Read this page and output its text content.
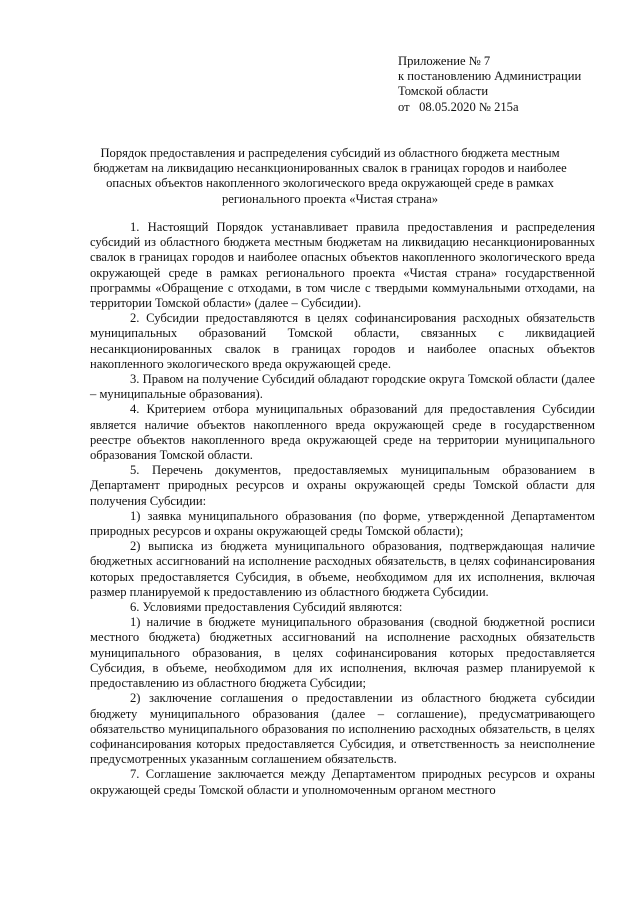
Приложение № 7
к постановлению Администрации
Томской области
от   08.05.2020 № 215а
Порядок предоставления и распределения субсидий из областного бюджета местным бюджетам на ликвидацию несанкционированных свалок в границах городов и наиболее опасных объектов накопленного экологического вреда окружающей среде в рамках регионального проекта «Чистая страна»

1. Настоящий Порядок устанавливает правила предоставления и распределения субсидий из областного бюджета местным бюджетам на ликвидацию несанкционированных свалок в границах городов и наиболее опасных объектов накопленного экологического вреда окружающей среде в рамках регионального проекта «Чистая страна» государственной программы «Обращение с отходами, в том числе с твердыми коммунальными отходами, на территории Томской области» (далее – Субсидии).

2. Субсидии предоставляются в целях софинансирования расходных обязательств муниципальных образований Томской области, связанных с ликвидацией несанкционированных свалок в границах городов и наиболее опасных объектов накопленного экологического вреда окружающей среде.

3. Правом на получение Субсидий обладают городские округа Томской области (далее – муниципальные образования).

4. Критерием отбора муниципальных образований для предоставления Субсидии является наличие объектов накопленного вреда окружающей среде в государственном реестре объектов накопленного вреда окружающей среде на территории муниципального образования Томской области.

5. Перечень документов, предоставляемых муниципальным образованием в Департамент природных ресурсов и охраны окружающей среды Томской области для получения Субсидии:

1) заявка муниципального образования (по форме, утвержденной Департаментом природных ресурсов и охраны окружающей среды Томской области);

2) выписка из бюджета муниципального образования, подтверждающая наличие бюджетных ассигнований на исполнение расходных обязательств, в целях софинансирования которых предоставляется Субсидия, в объеме, необходимом для их исполнения, включая размер планируемой к предоставлению из областного бюджета Субсидии.

6. Условиями предоставления Субсидий являются:

1) наличие в бюджете муниципального образования (сводной бюджетной росписи местного бюджета) бюджетных ассигнований на исполнение расходных обязательств муниципального образования, в целях софинансирования которых предоставляется Субсидия, в объеме, необходимом для их исполнения, включая размер планируемой к предоставлению из областного бюджета Субсидии;

2) заключение соглашения о предоставлении из областного бюджета субсидии бюджету муниципального образования (далее – соглашение), предусматривающего обязательство муниципального образования по исполнению расходных обязательств, в целях софинансирования которых предоставляется Субсидия, и ответственность за неисполнение предусмотренных указанным соглашением обязательств.

7. Соглашение заключается между Департаментом природных ресурсов и охраны окружающей среды Томской области и уполномоченным органом местного
